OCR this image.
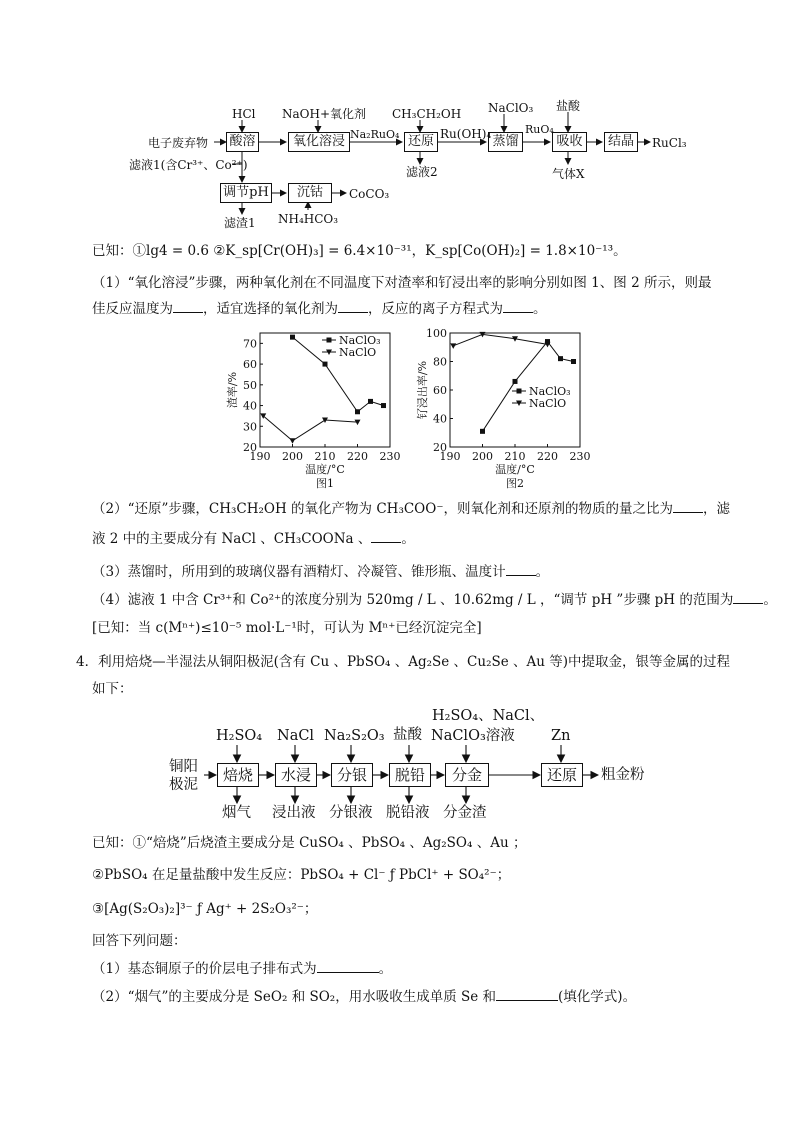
HCl NaOH+氧化剂 CH₃CH₂OH NaClO₃ 盐酸
电子废弃物 酸溶	氧化溶浸	还原	蒸馏	吸收	结晶
调节pH	沉钴
Na₂RuO₄	Ru(OH)₄	RuO₄
RuCl₃
滤液1(含Cr³⁺、Co²⁺)	滤液2	气体X
CoCO₃
滤渣1 NH₄HCO₃
已知：①lg4 = 0.6 ②K_sp[Cr(OH)₃] = 6.4×10⁻³¹，K_sp[Co(OH)₂] = 1.8×10⁻¹³。
（1）“氧化溶浸”步骤，两种氧化剂在不同温度下对渣率和钌浸出率的影响分别如图 1、图 2 所示，则最
佳反应温度为 ，适宜选择的氧化剂为 ，反应的离子方程式为 。
190 200 210 220 230
20
30
40
50
60
70
温度/°C
图1
渣率/%
NaClO₃
NaClO
190 200 210 220 230
20
40
60
80
100
温度/°C
图2
钌浸出率/%	NaClO₃
NaClO
（2）“还原”步骤，CH₃CH₂OH 的氧化产物为 CH₃COO⁻，则氧化剂和还原剂的物质的量之比为 ，滤
液 2 中的主要成分有 NaCl 、CH₃COONa 、 。
（3）蒸馏时，所用到的玻璃仪器有酒精灯、冷凝管、锥形瓶、温度计 。
（4）滤液 1 中含 Cr³⁺和 Co²⁺的浓度分别为 520mg / L 、10.62mg / L ，“调节 pH ”步骤 pH 的范围为 。
[已知：当 c(Mⁿ⁺)≤10⁻⁵ mol·L⁻¹时，可认为 Mⁿ⁺已经沉淀完全]
4．利用焙烧—半湿法从铜阳极泥(含有 Cu 、PbSO₄ 、Ag₂Se 、Cu₂Se 、Au 等)中提取金，银等金属的过程
如下：
H₂SO₄ NaCl Na₂S₂O₃ 盐酸
H₂SO₄、NaCl、
NaClO₃溶液 Zn
铜阳
极泥
焙烧	水浸	分银	脱铅	分金	还原	粗金粉
烟气 浸出液 分银液 脱铅液 分金渣
已知：①“焙烧”后烧渣主要成分是 CuSO₄ 、PbSO₄ 、Ag₂SO₄ 、Au ；
②PbSO₄ 在足量盐酸中发生反应：PbSO₄ + Cl⁻ ƒ PbCl⁺ + SO₄²⁻；
③[Ag(S₂O₃)₂]³⁻ ƒ Ag⁺ + 2S₂O₃²⁻；
回答下列问题：
（1）基态铜原子的价层电子排布式为	。
（2）“烟气”的主要成分是 SeO₂ 和 SO₂，用水吸收生成单质 Se 和	(填化学式)。
